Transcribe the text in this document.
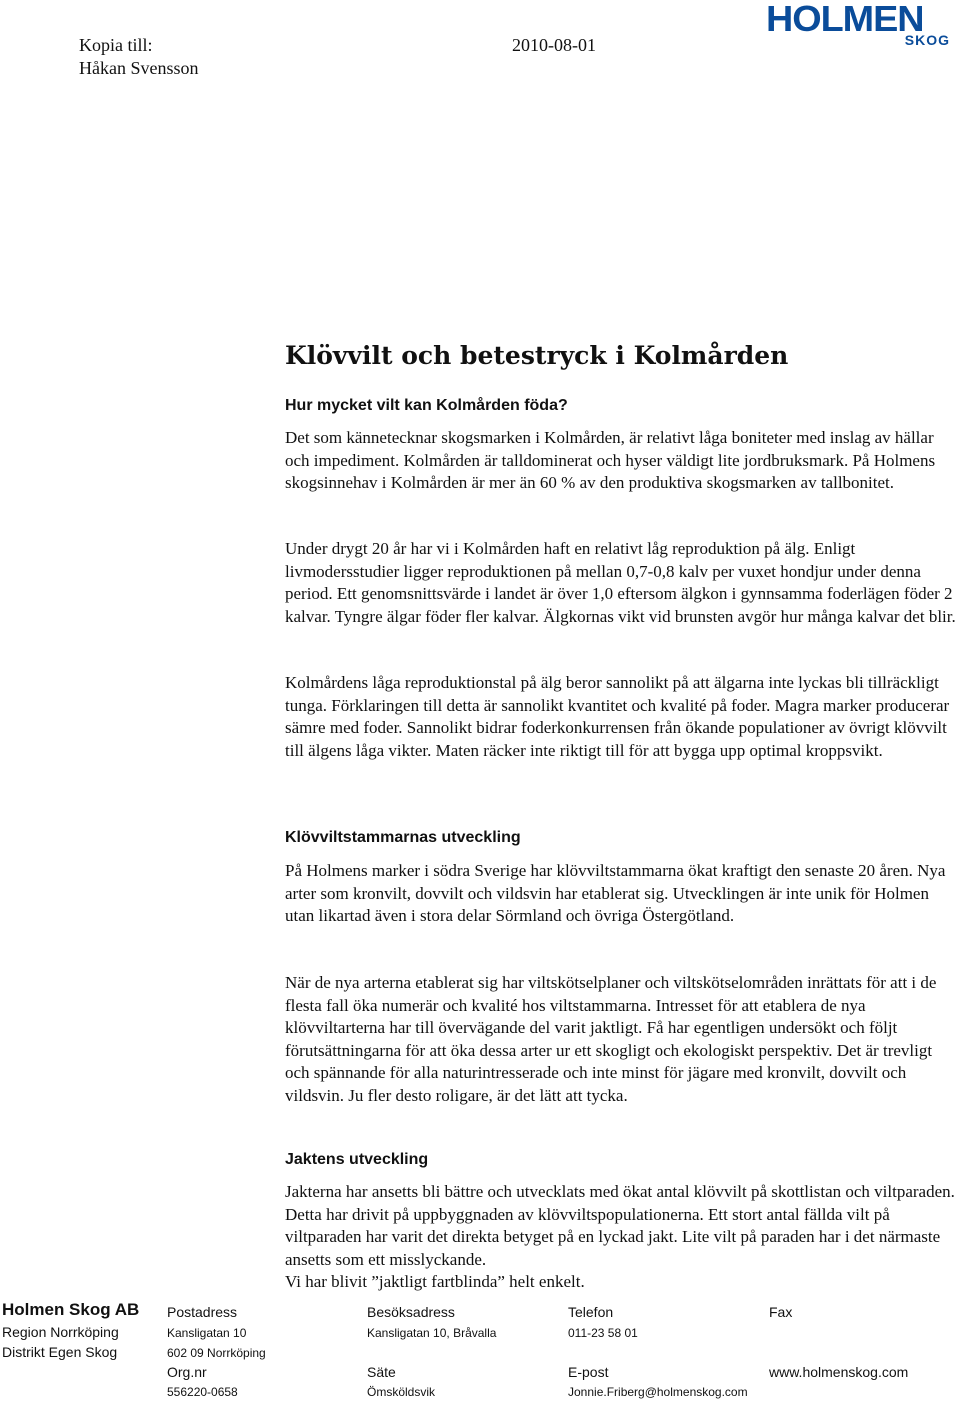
Kopia till:
Håkan Svensson
2010-08-01
HOLMEN
SKOG
Klövvilt och betestryck i Kolmården
Hur mycket vilt kan Kolmården föda?

Det som kännetecknar skogsmarken i Kolmården, är relativt låga boniteter med inslag av hällar och impediment. Kolmården är talldominerat och hyser väldigt lite jordbruksmark. På Holmens skogsinnehav i Kolmården är mer än 60 % av den produktiva skogsmarken av tallbonitet.

Under drygt 20 år har vi i Kolmården haft en relativt låg reproduktion på älg. Enligt livmodersstudier ligger reproduktionen på mellan 0,7-0,8 kalv per vuxet hondjur under denna period. Ett genomsnittsvärde i landet är över 1,0 eftersom älgkon i gynnsamma foderlägen föder 2 kalvar. Tyngre älgar föder fler kalvar. Älgkornas vikt vid brunsten avgör hur många kalvar det blir.

Kolmårdens låga reproduktionstal på älg beror sannolikt på att älgarna inte lyckas bli tillräckligt tunga. Förklaringen till detta är sannolikt kvantitet och kvalité på foder. Magra marker producerar sämre med foder. Sannolikt bidrar foderkonkurrensen från ökande populationer av övrigt klövvilt till älgens låga vikter. Maten räcker inte riktigt till för att bygga upp optimal kroppsvikt.

Klövviltstammarnas utveckling

På Holmens marker i södra Sverige har klövviltstammarna ökat kraftigt den senaste 20 åren. Nya arter som kronvilt, dovvilt och vildsvin har etablerat sig. Utvecklingen är inte unik för Holmen utan likartad även i stora delar Sörmland och övriga Östergötland.

När de nya arterna etablerat sig har viltskötselplaner och viltskötselområden inrättats för att i de flesta fall öka numerär och kvalité hos viltstammarna. Intresset för att etablera de nya klövviltarterna har till övervägande del varit jaktligt. Få har egentligen undersökt och följt förutsättningarna för att öka dessa arter ur ett skogligt och ekologiskt perspektiv. Det är trevligt och spännande för alla naturintresserade och inte minst för jägare med kronvilt, dovvilt och vildsvin. Ju fler desto roligare, är det lätt att tycka.

Jaktens utveckling

Jakterna har ansetts bli bättre och utvecklats med ökat antal klövvilt på skottlistan och viltparaden. Detta har drivit på uppbyggnaden av klövviltspopulationerna. Ett stort antal fällda vilt på viltparaden har varit det direkta betyget på en lyckad jakt. Lite vilt på paraden har i det närmaste ansetts som ett misslyckande.

Vi har blivit ”jaktligt fartblinda” helt enkelt.

Holmen Skog AB
Region Norrköping
Distrikt Egen Skog
Postadress
Kansligatan 10
602 09 Norrköping
Org.nr
556220-0658
Besöksadress
Kansligatan 10, Bråvalla
Säte
Ömsköldsvik
Telefon
011-23 58 01
E-post
Jonnie.Friberg@holmenskog.com
Fax
www.holmenskog.com
